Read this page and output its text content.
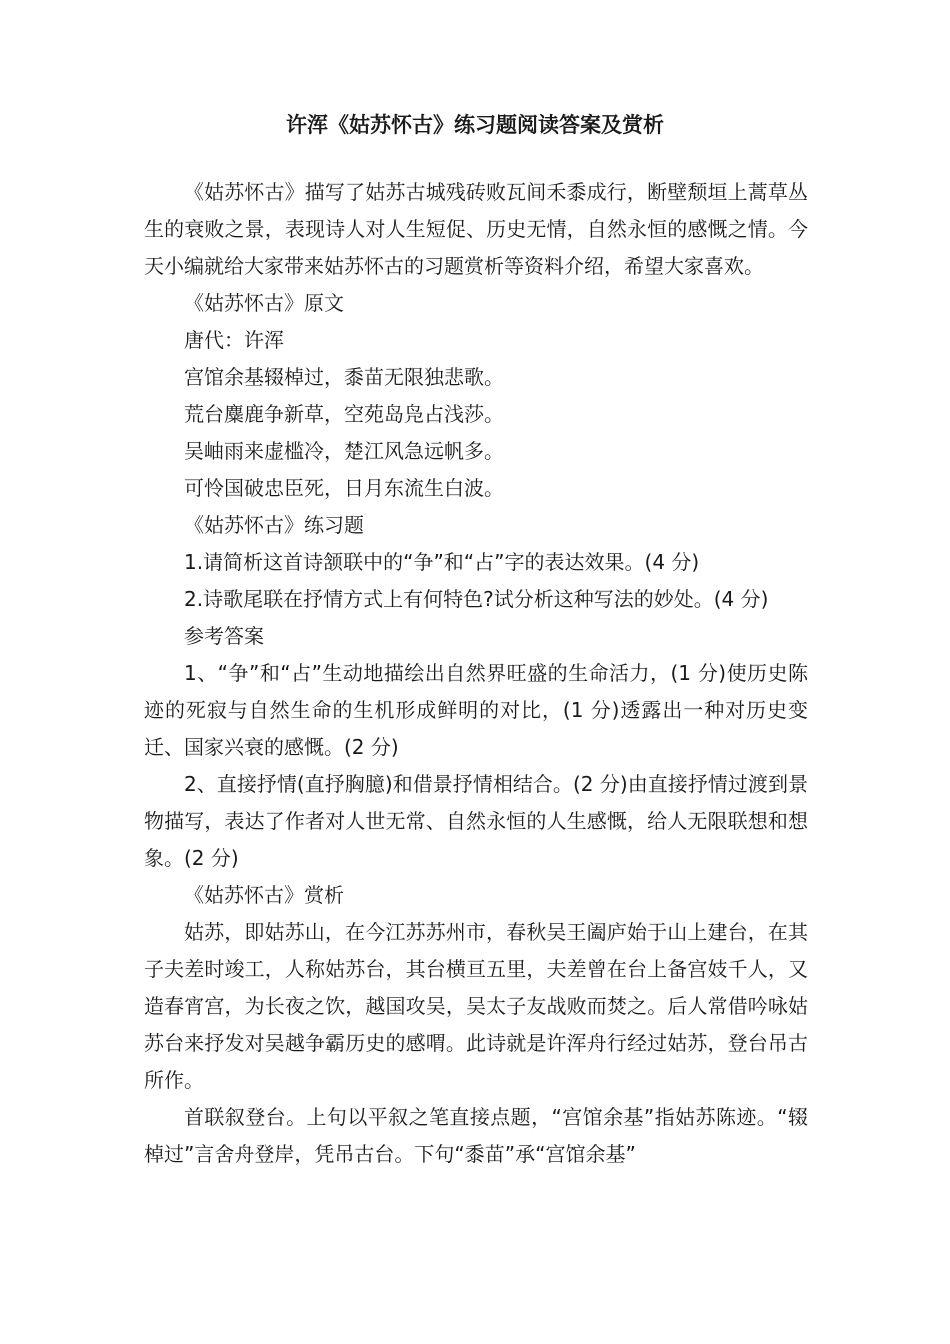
许浑《姑苏怀古》练习题阅读答案及赏析

《姑苏怀古》描写了姑苏古城残砖败瓦间禾黍成行，断壁颓垣上蒿草丛生的衰败之景，表现诗人对人生短促、历史无情，自然永恒的感慨之情。今天小编就给大家带来姑苏怀古的习题赏析等资料介绍，希望大家喜欢。

《姑苏怀古》原文

唐代：许浑

宫馆余基辍棹过，黍苗无限独悲歌。

荒台麋鹿争新草，空苑岛凫占浅莎。

吴岫雨来虚槛冷，楚江风急远帆多。

可怜国破忠臣死，日月东流生白波。

《姑苏怀古》练习题

1.请简析这首诗颔联中的“争”和“占”字的表达效果。(4 分)

2.诗歌尾联在抒情方式上有何特色?试分析这种写法的妙处。(4 分)

参考答案

1、“争”和“占”生动地描绘出自然界旺盛的生命活力，(1 分)使历史陈迹的死寂与自然生命的生机形成鲜明的对比，(1 分)透露出一种对历史变迁、国家兴衰的感慨。(2 分)

2、直接抒情(直抒胸臆)和借景抒情相结合。(2 分)由直接抒情过渡到景物描写，表达了作者对人世无常、自然永恒的人生感慨，给人无限联想和想象。(2 分)

《姑苏怀古》赏析

姑苏，即姑苏山，在今江苏苏州市，春秋吴王阖庐始于山上建台，在其子夫差时竣工，人称姑苏台，其台横亘五里，夫差曾在台上备宫妓千人，又造春宵宫，为长夜之饮，越国攻吴，吴太子友战败而焚之。后人常借吟咏姑苏台来抒发对吴越争霸历史的感喟。此诗就是许浑舟行经过姑苏，登台吊古所作。

首联叙登台。上句以平叙之笔直接点题，“宫馆余基”指姑苏陈迹。“辍棹过”言舍舟登岸，凭吊古台。下句“黍苗”承“宫馆余基”
